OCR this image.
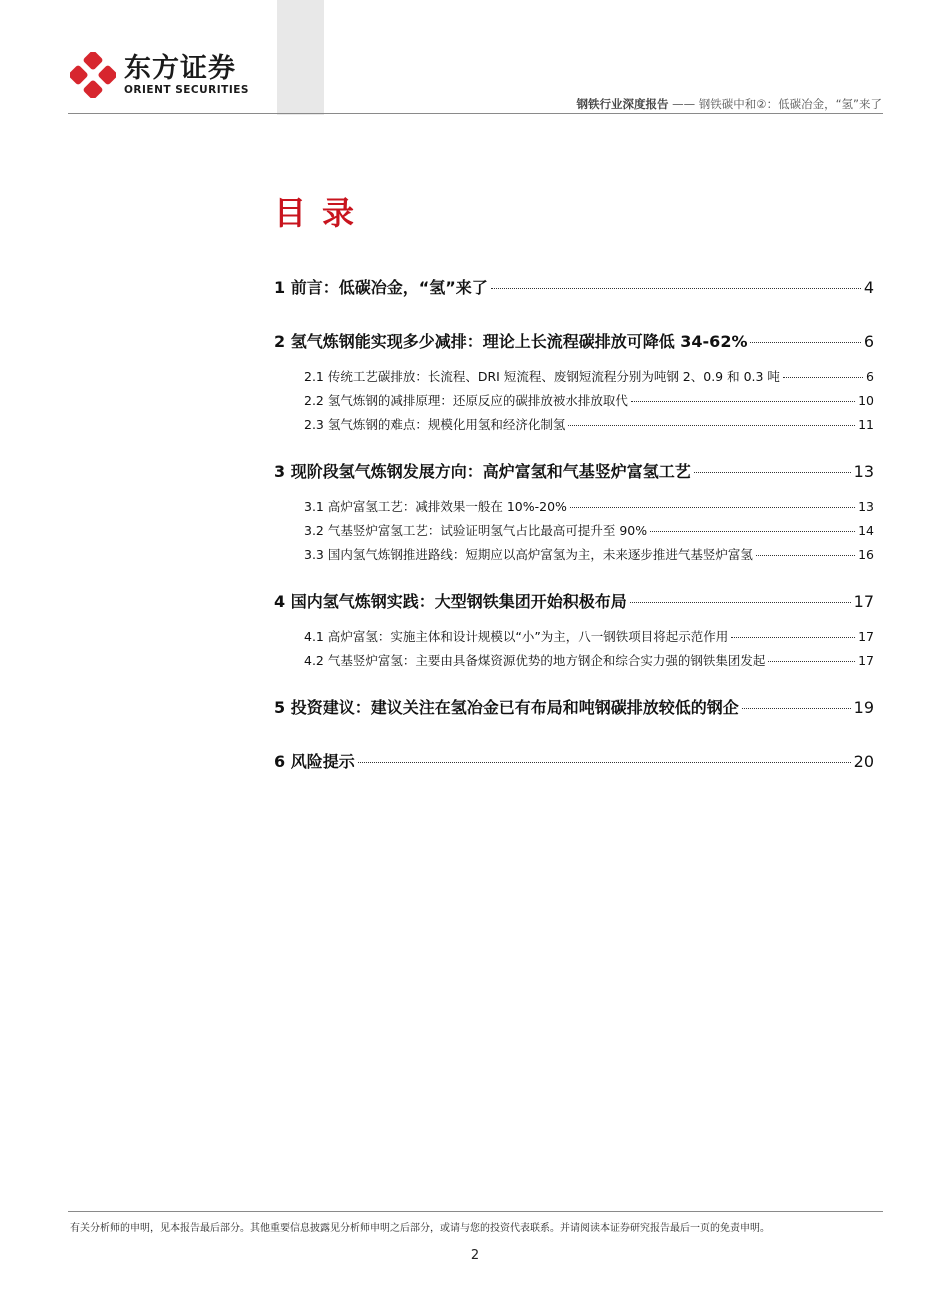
东方证券
ORIENT SECURITIES
钢铁行业深度报告 —— 钢铁碳中和②：低碳冶金，“氢”来了
目录
1 前言：低碳冶金，“氢”来了	4
2 氢气炼钢能实现多少减排：理论上长流程碳排放可降低 34-62%	6
2.1 传统工艺碳排放：长流程、DRI 短流程、废钢短流程分别为吨钢 2、0.9 和 0.3 吨	6
2.2 氢气炼钢的减排原理：还原反应的碳排放被水排放取代	10
2.3 氢气炼钢的难点：规模化用氢和经济化制氢	11
3 现阶段氢气炼钢发展方向：高炉富氢和气基竖炉富氢工艺	13
3.1 高炉富氢工艺：减排效果一般在 10%-20%	13
3.2 气基竖炉富氢工艺：试验证明氢气占比最高可提升至 90%	14
3.3 国内氢气炼钢推进路线：短期应以高炉富氢为主，未来逐步推进气基竖炉富氢	16
4 国内氢气炼钢实践：大型钢铁集团开始积极布局	17
4.1 高炉富氢：实施主体和设计规模以“小”为主，八一钢铁项目将起示范作用	17
4.2 气基竖炉富氢：主要由具备煤资源优势的地方钢企和综合实力强的钢铁集团发起	17
5 投资建议：建议关注在氢冶金已有布局和吨钢碳排放较低的钢企	19
6 风险提示	20
有关分析师的申明，见本报告最后部分。其他重要信息披露见分析师申明之后部分，或请与您的投资代表联系。并请阅读本证券研究报告最后一页的免责申明。
2
